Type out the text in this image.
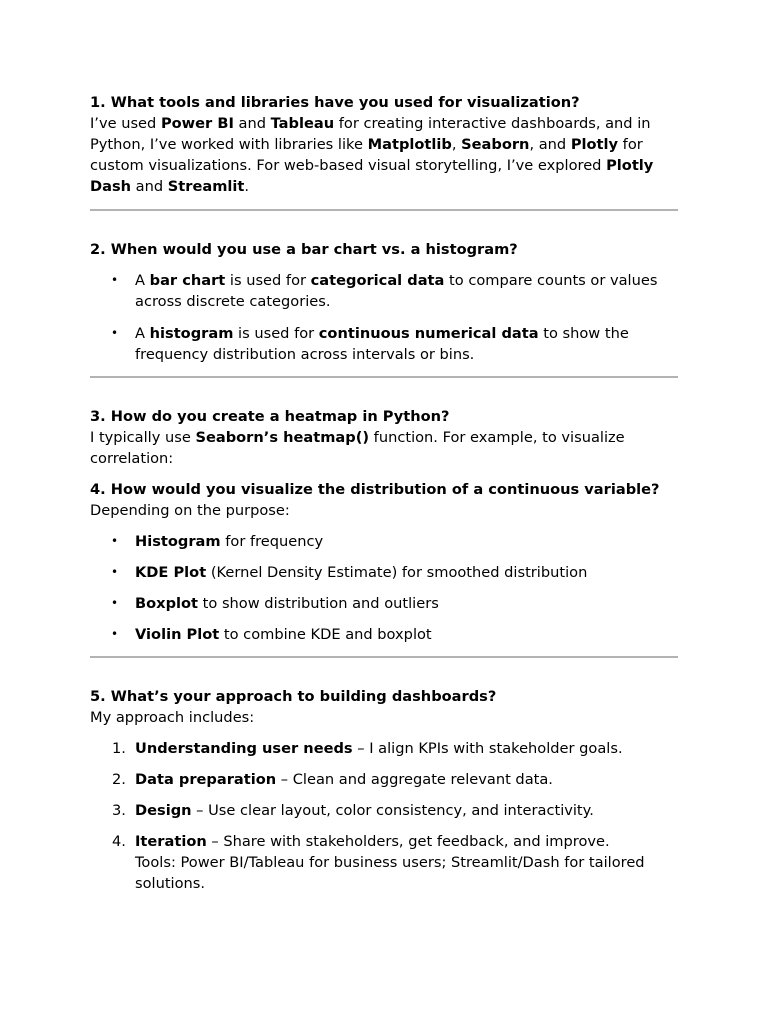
1. What tools and libraries have you used for visualization?

I’ve used Power BI and Tableau for creating interactive dashboards, and in Python, I’ve worked with libraries like Matplotlib, Seaborn, and Plotly for custom visualizations. For web-based visual storytelling, I’ve explored Plotly Dash and Streamlit.

2. When would you use a bar chart vs. a histogram?

• A bar chart is used for categorical data to compare counts or values across discrete categories.
• A histogram is used for continuous numerical data to show the frequency distribution across intervals or bins.

3. How do you create a heatmap in Python?

I typically use Seaborn’s heatmap() function. For example, to visualize correlation:

4. How would you visualize the distribution of a continuous variable?

Depending on the purpose:

• Histogram for frequency
• KDE Plot (Kernel Density Estimate) for smoothed distribution
• Boxplot to show distribution and outliers
• Violin Plot to combine KDE and boxplot

5. What’s your approach to building dashboards?

My approach includes:

1. Understanding user needs – I align KPIs with stakeholder goals.
2. Data preparation – Clean and aggregate relevant data.
3. Design – Use clear layout, color consistency, and interactivity.
4. Iteration – Share with stakeholders, get feedback, and improve.
Tools: Power BI/Tableau for business users; Streamlit/Dash for tailored solutions.
